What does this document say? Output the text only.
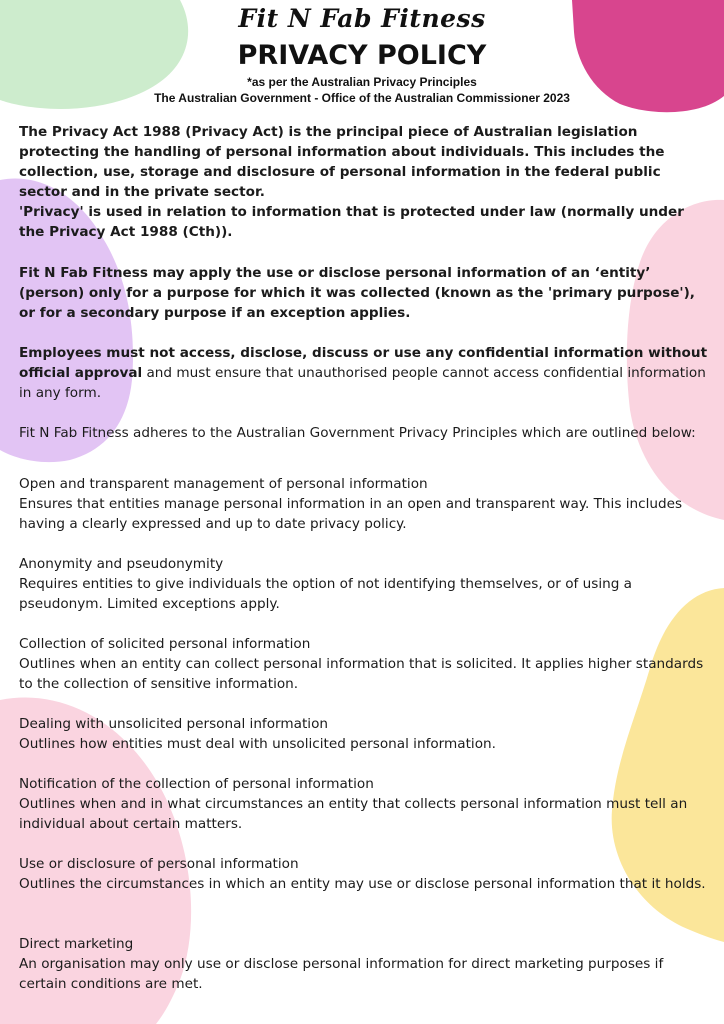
Fit N Fab Fitness
PRIVACY POLICY
*as per the Australian Privacy Principles
The Australian Government - Office of the Australian Commissioner 2023

The Privacy Act 1988 (Privacy Act) is the principal piece of Australian legislation protecting the handling of personal information about individuals. This includes the collection, use, storage and disclosure of personal information in the federal public sector and in the private sector.

'Privacy' is used in relation to information that is protected under law (normally under the Privacy Act 1988 (Cth)).

Fit N Fab Fitness may apply the use or disclose personal information of an ‘entity’ (person) only for a purpose for which it was collected (known as the 'primary purpose'), or for a secondary purpose if an exception applies.

Employees must not access, disclose, discuss or use any confidential information without official approval and must ensure that unauthorised people cannot access confidential information in any form.

Fit N Fab Fitness adheres to the Australian Government Privacy Principles which are outlined below:

Open and transparent management of personal information
Ensures that entities manage personal information in an open and transparent way. This includes having a clearly expressed and up to date privacy policy.
Anonymity and pseudonymity
Requires entities to give individuals the option of not identifying themselves, or of using a pseudonym. Limited exceptions apply.
Collection of solicited personal information
Outlines when an entity can collect personal information that is solicited. It applies higher standards to the collection of sensitive information.
Dealing with unsolicited personal information
Outlines how entities must deal with unsolicited personal information.
Notification of the collection of personal information
Outlines when and in what circumstances an entity that collects personal information must tell an individual about certain matters.
Use or disclosure of personal information
Outlines the circumstances in which an entity may use or disclose personal information that it holds.
Direct marketing
An organisation may only use or disclose personal information for direct marketing purposes if certain conditions are met.
